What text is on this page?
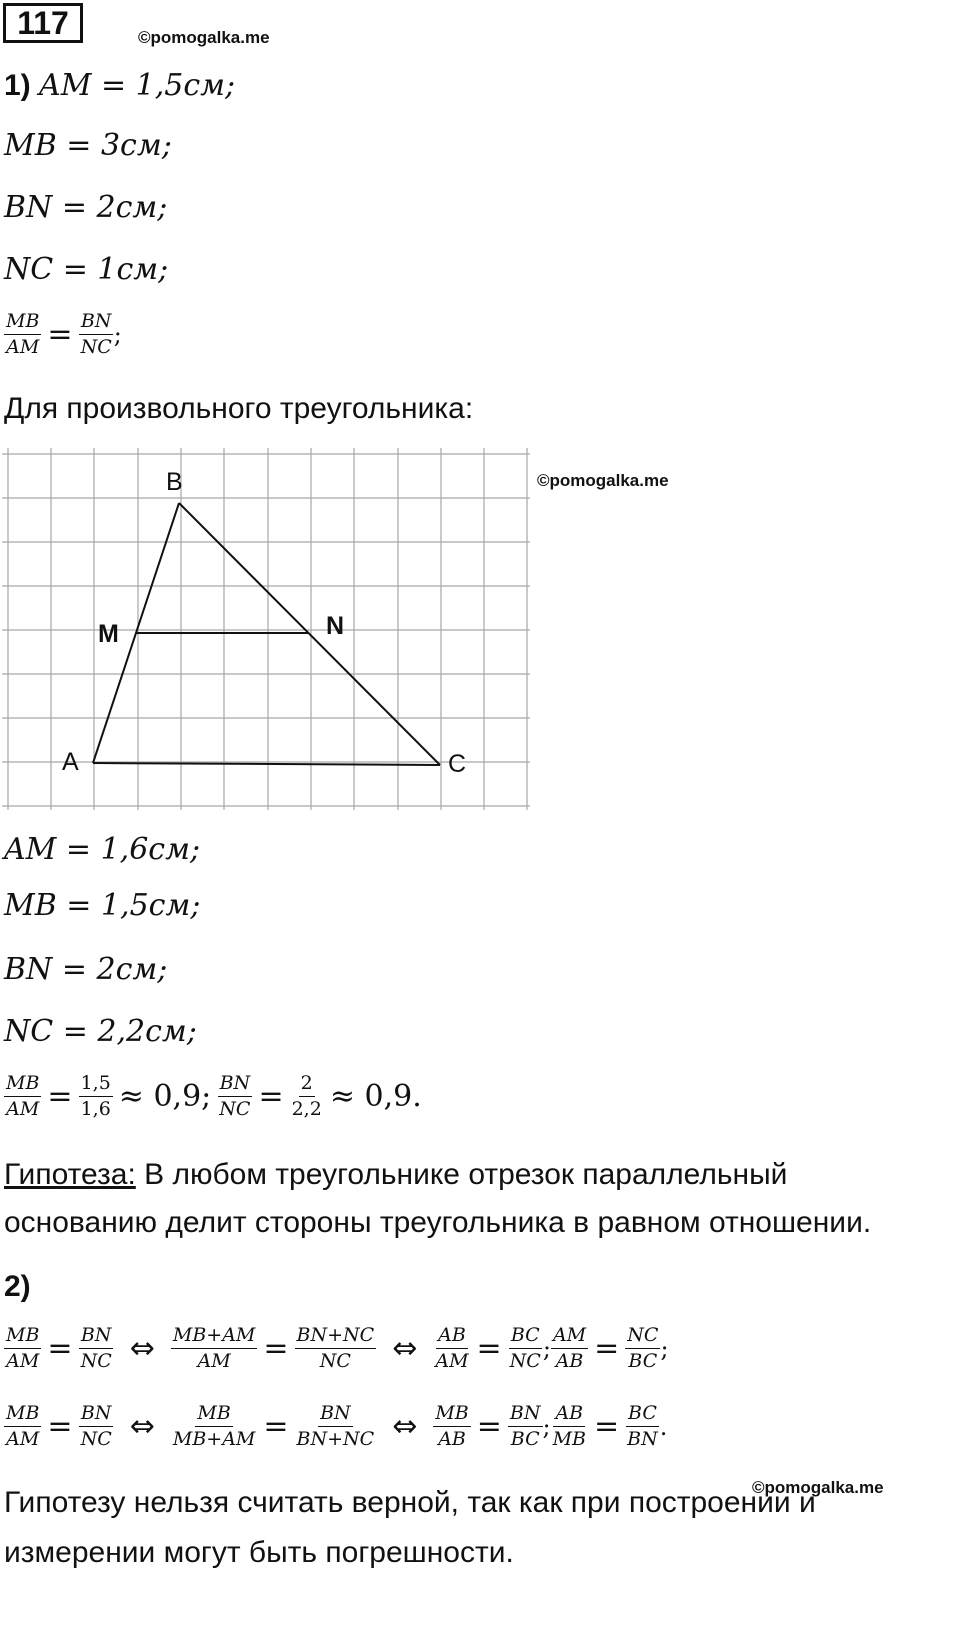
117	©pomogalka.me
1) AM = 1,5см;
MB = 3см;
BN = 2см;
NC = 1см;
$\frac{MB}{AM} = \frac{BN}{NC}$ ;
Для произвольного треугольника:
B
M	N
A	C
©pomogalka.me
AM = 1,6см;
MB = 1,5см;
BN = 2см;
NC = 2,2см;
$\frac{MB}{AM} = \frac{1,5}{1,6} \approx 0,9$; $\frac{BN}{NC} = \frac{2}{2,2} \approx 0,9$.
Гипотеза: В любом треугольнике отрезок параллельный
основанию делит стороны треугольника в равном отношении.
2)
$\frac{MB}{AM} = \frac{BN}{NC}$ ⇔ $\frac{MB+AM}{AM} = \frac{BN+NC}{NC}$ ⇔ $\frac{AB}{AM} = \frac{BC}{NC}$ ; $\frac{AM}{AB} = \frac{NC}{BC}$ ;
$\frac{MB}{AM} = \frac{BN}{NC}$ ⇔ $\frac{MB}{MB+AM} = \frac{BN}{BN+NC}$ ⇔ $\frac{MB}{AB} = \frac{BN}{BC}$ ; $\frac{AB}{MB} = \frac{BC}{BN}$ .
©pomogalka.me
Гипотезу нельзя считать верной, так как при построении и
измерении могут быть погрешности.
